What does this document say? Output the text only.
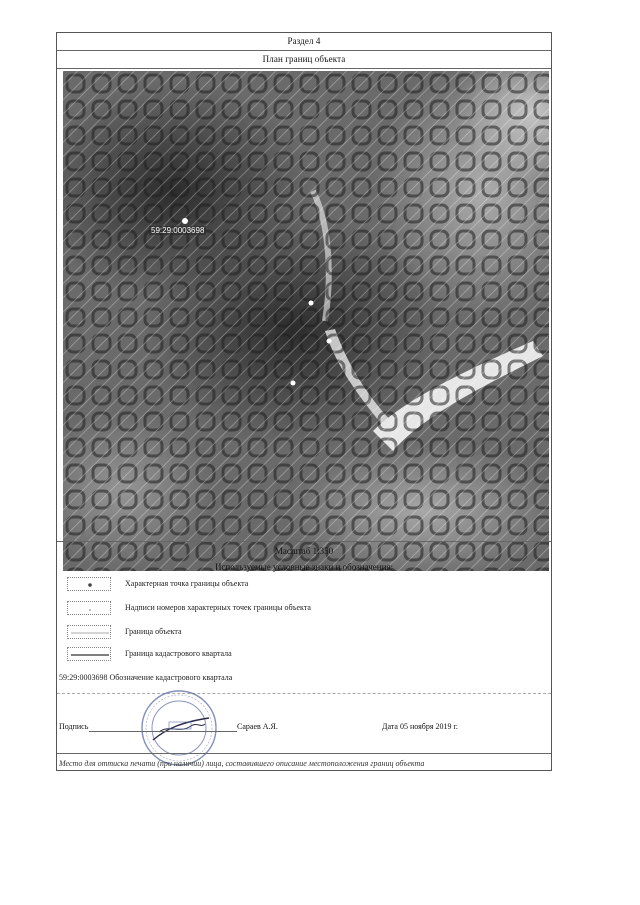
Раздел 4
План границ объекта
59:29:0003698
Масштаб 1:350
Используемые условные знаки и обозначения:
Характерная точка границы объекта
Надписи номеров характерных точек границы объекта
Граница объекта
Граница кадастрового квартала
59:29:0003698 Обозначение кадастрового квартала
Подпись	Сараев А.Я.	Дата 05 ноября 2019 г.
Место для оттиска печати (при наличии) лица, составившего описание местоположения границ объекта
